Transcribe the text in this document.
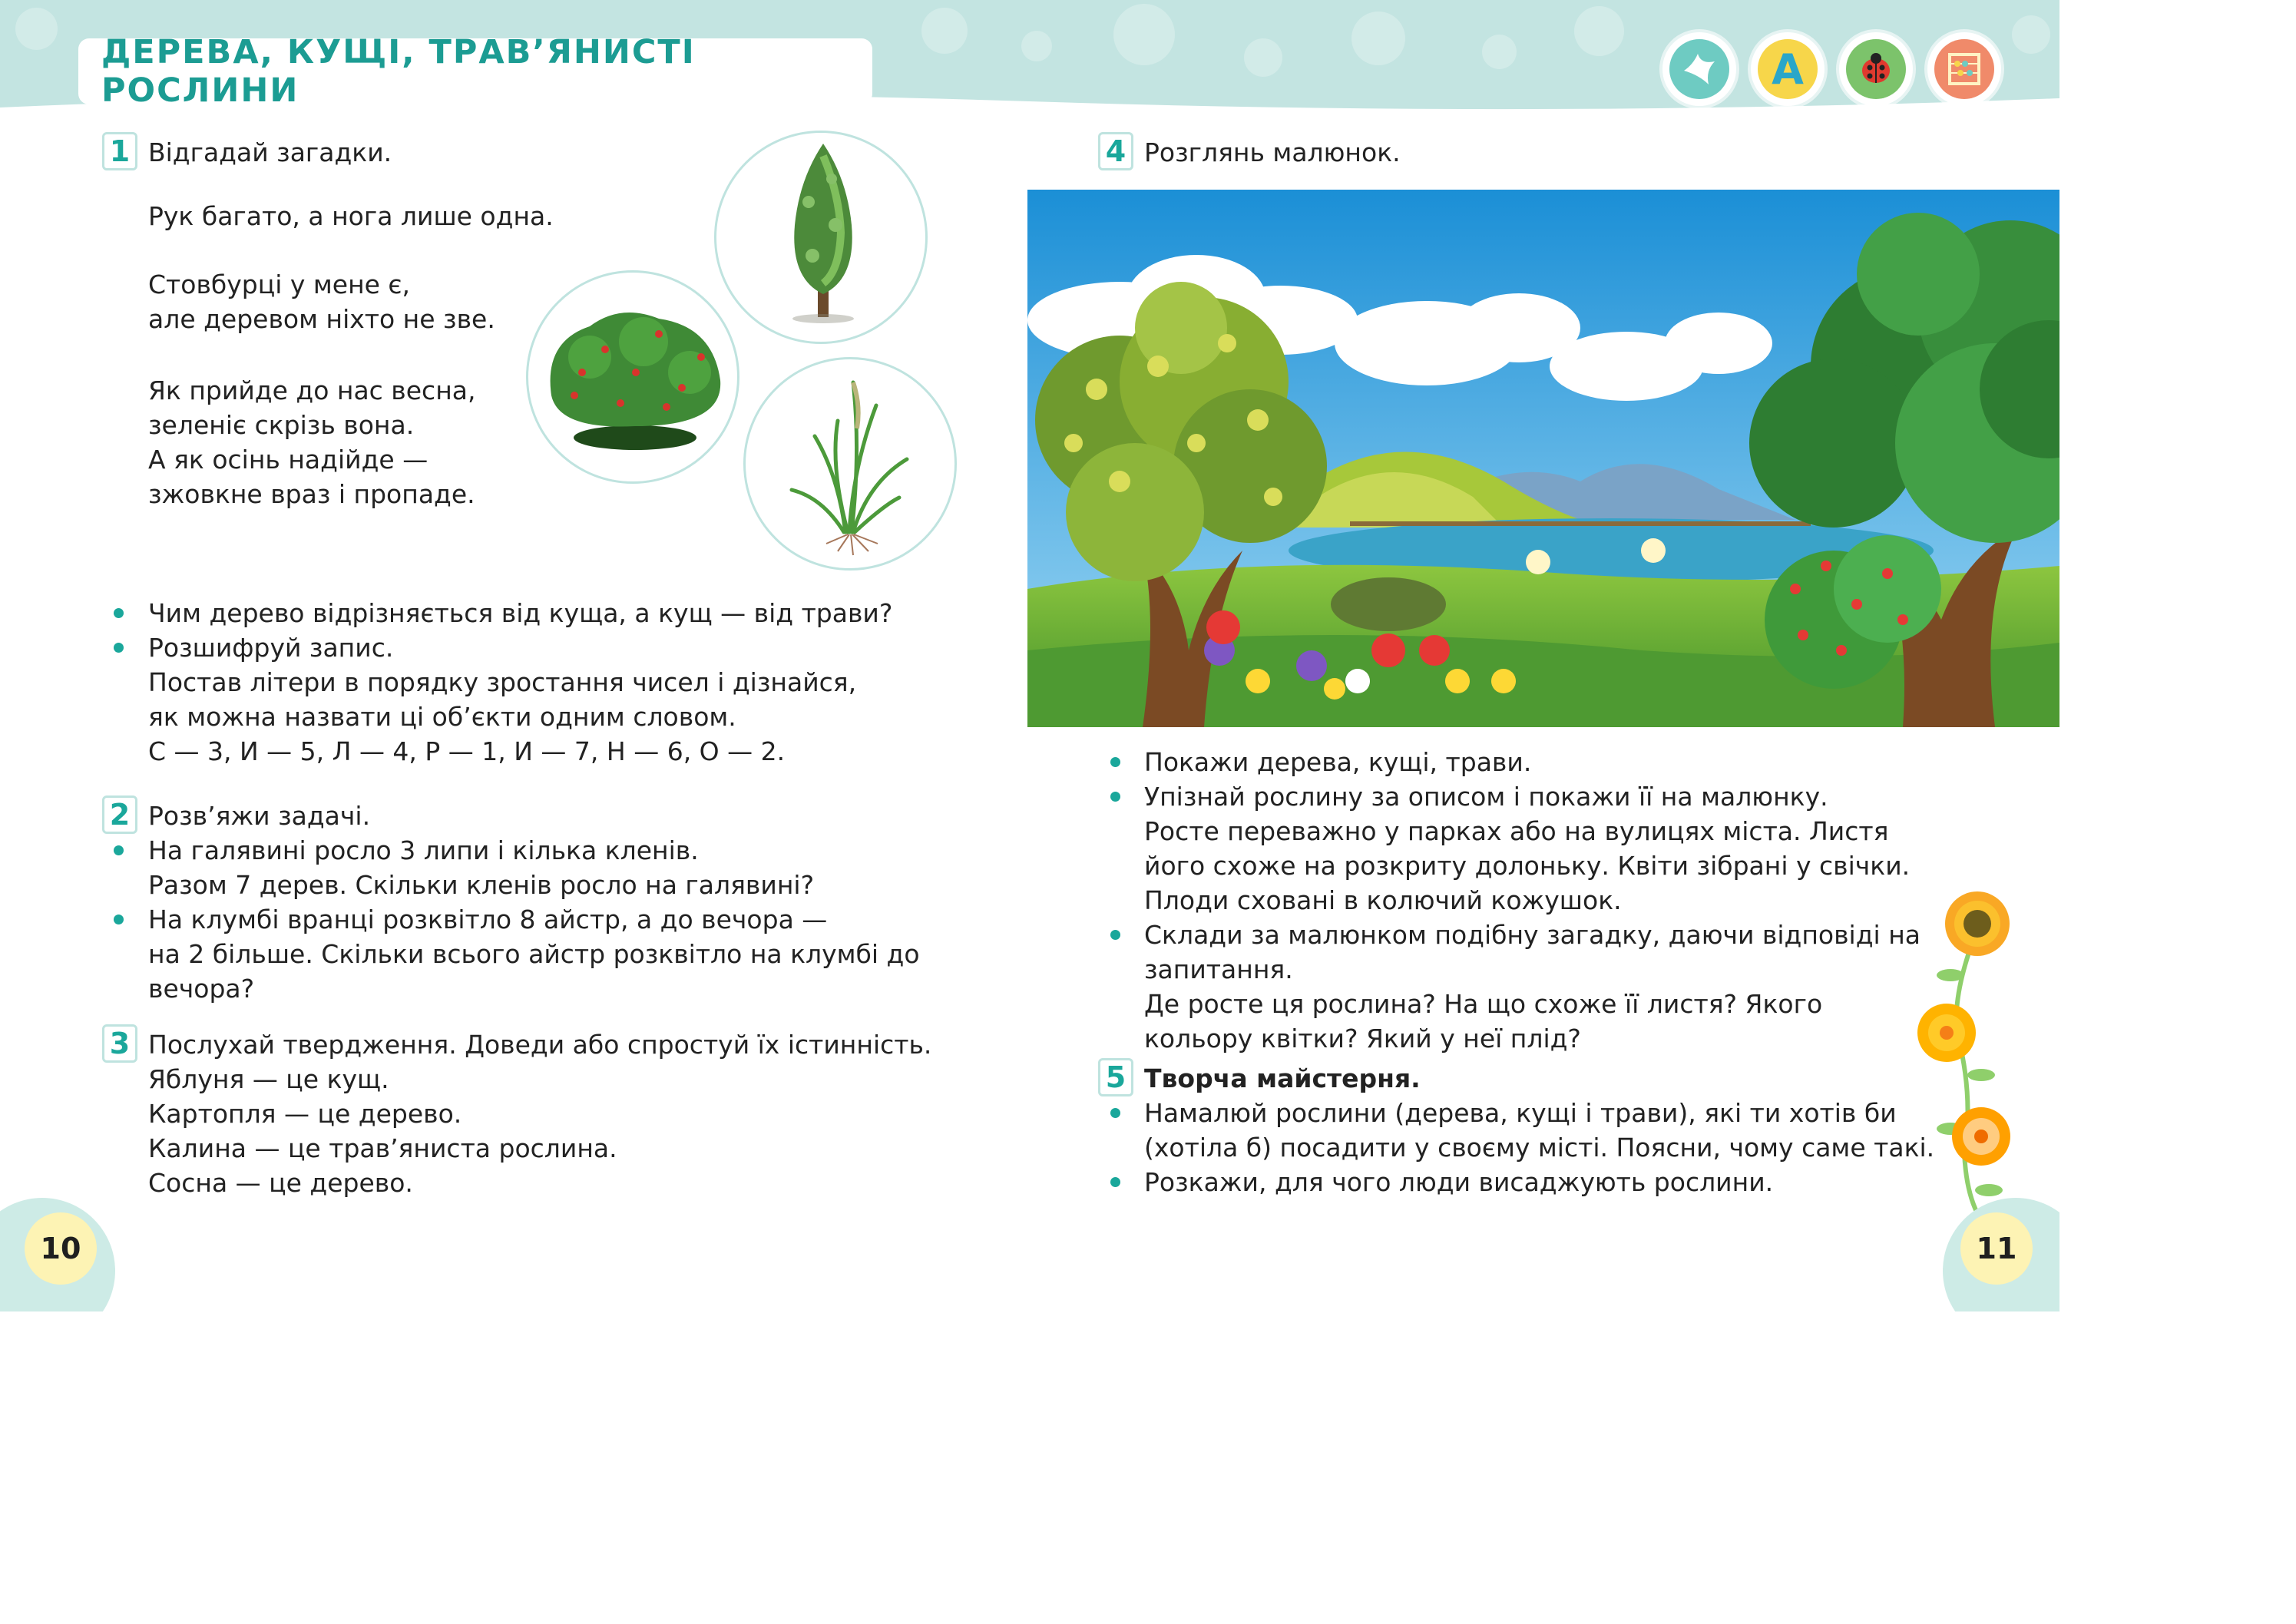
ДЕРЕВА, КУЩІ, ТРАВ’ЯНИСТІ РОСЛИНИ	A
1 Відгадай загадки.
Рук багато, а нога лише одна.
Стовбурці у мене є,
але деревом ніхто не зве.
Як прийде до нас весна,
зеленіє скрізь вона.
А як осінь надійде —
зжовкне враз і пропаде.
Чим дерево відрізняється від куща, а кущ — від трави?
Розшифруй запис.
Постав літери в порядку зростання чисел і дізнайся,
як можна назвати ці об’єкти одним словом.
С — 3, И — 5, Л — 4, Р — 1, И — 7, Н — 6, О — 2.
2 Розв’яжи задачі.
На галявині росло 3 липи і кілька кленів.
Разом 7 дерев. Скільки кленів росло на галявині?
На клумбі вранці розквітло 8 айстр, а до вечора —
на 2 більше. Скільки всього айстр розквітло на клумбі до
вечора?
3 Послухай твердження. Доведи або спростуй їх істинність.
Яблуня — це кущ.
Картопля — це дерево.
Калина — це трав’яниста рослина.
Сосна — це дерево.
10
4 Розглянь малюнок.
Покажи дерева, кущі, трави.
Упізнай рослину за описом і покажи її на малюнку.
Росте переважно у парках або на вулицях міста. Листя
його схоже на розкриту долоньку. Квіти зібрані у свічки.
Плоди сховані в колючий кожушок.
Склади за малюнком подібну загадку, даючи відповіді на
запитання.
Де росте ця рослина? На що схоже її листя? Якого
кольору квітки? Який у неї плід?
5 Творча майстерня.
Намалюй рослини (дерева, кущі і трави), які ти хотів би
(хотіла б) посадити у своєму місті. Поясни, чому саме такі.
Розкажи, для чого люди висаджують рослини.
11
